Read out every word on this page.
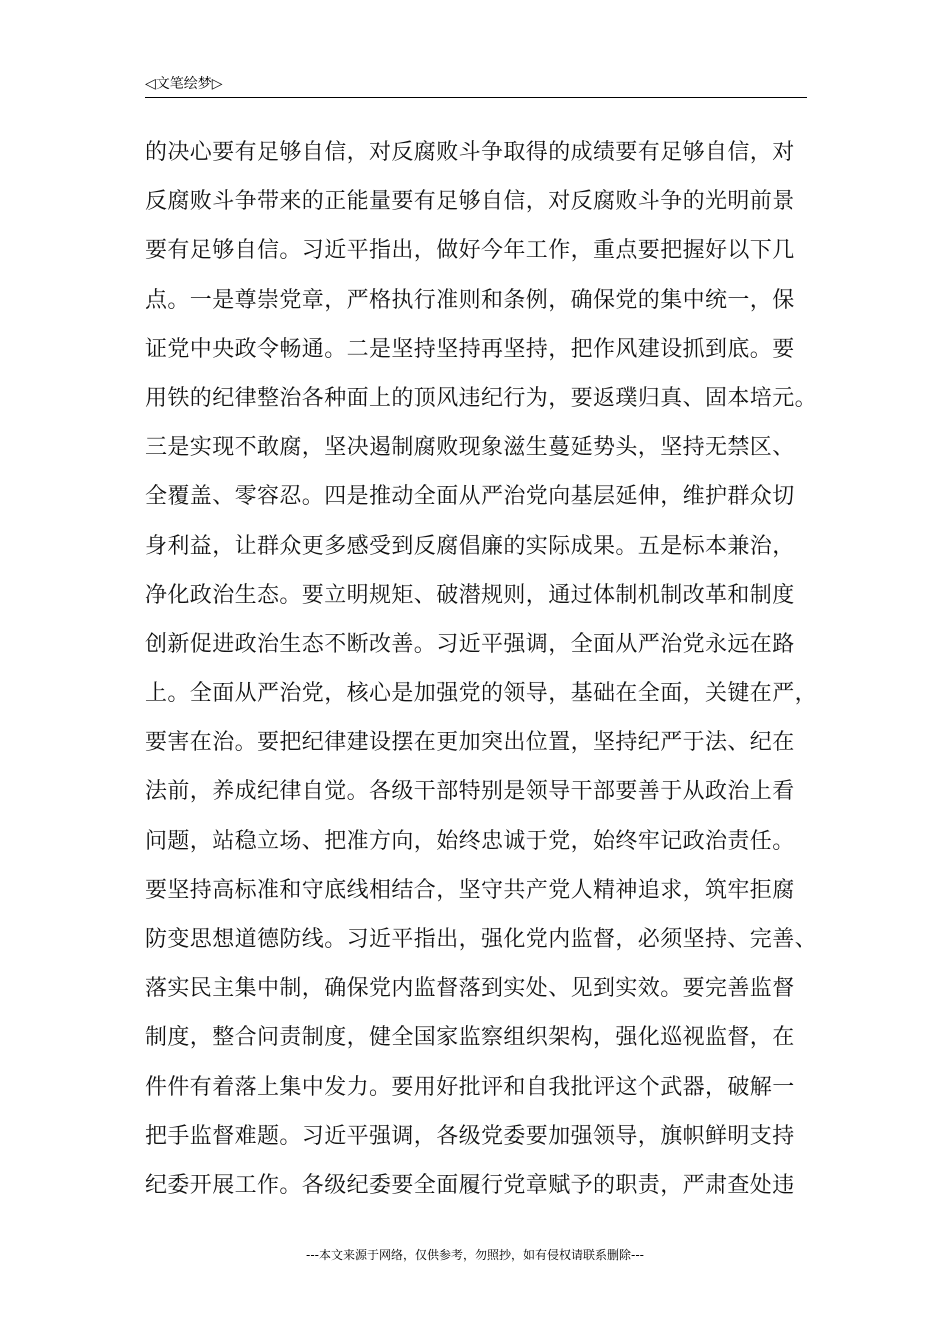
◁文笔绘梦▷
的决心要有足够自信，对反腐败斗争取得的成绩要有足够自信，对
反腐败斗争带来的正能量要有足够自信，对反腐败斗争的光明前景
要有足够自信。习近平指出，做好今年工作，重点要把握好以下几
点。一是尊崇党章，严格执行准则和条例，确保党的集中统一，保
证党中央政令畅通。二是坚持坚持再坚持，把作风建设抓到底。要
用铁的纪律整治各种面上的顶风违纪行为，要返璞归真、固本培元。
三是实现不敢腐，坚决遏制腐败现象滋生蔓延势头，坚持无禁区、
全覆盖、零容忍。四是推动全面从严治党向基层延伸，维护群众切
身利益，让群众更多感受到反腐倡廉的实际成果。五是标本兼治，
净化政治生态。要立明规矩、破潜规则，通过体制机制改革和制度
创新促进政治生态不断改善。习近平强调，全面从严治党永远在路
上。全面从严治党，核心是加强党的领导，基础在全面，关键在严，
要害在治。要把纪律建设摆在更加突出位置，坚持纪严于法、纪在
法前，养成纪律自觉。各级干部特别是领导干部要善于从政治上看
问题，站稳立场、把准方向，始终忠诚于党，始终牢记政治责任。
要坚持高标准和守底线相结合，坚守共产党人精神追求，筑牢拒腐
防变思想道德防线。习近平指出，强化党内监督，必须坚持、完善、
落实民主集中制，确保党内监督落到实处、见到实效。要完善监督
制度，整合问责制度，健全国家监察组织架构，强化巡视监督，在
件件有着落上集中发力。要用好批评和自我批评这个武器，破解一
把手监督难题。习近平强调，各级党委要加强领导，旗帜鲜明支持
纪委开展工作。各级纪委要全面履行党章赋予的职责，严肃查处违
---本文来源于网络，仅供参考，勿照抄，如有侵权请联系删除---
